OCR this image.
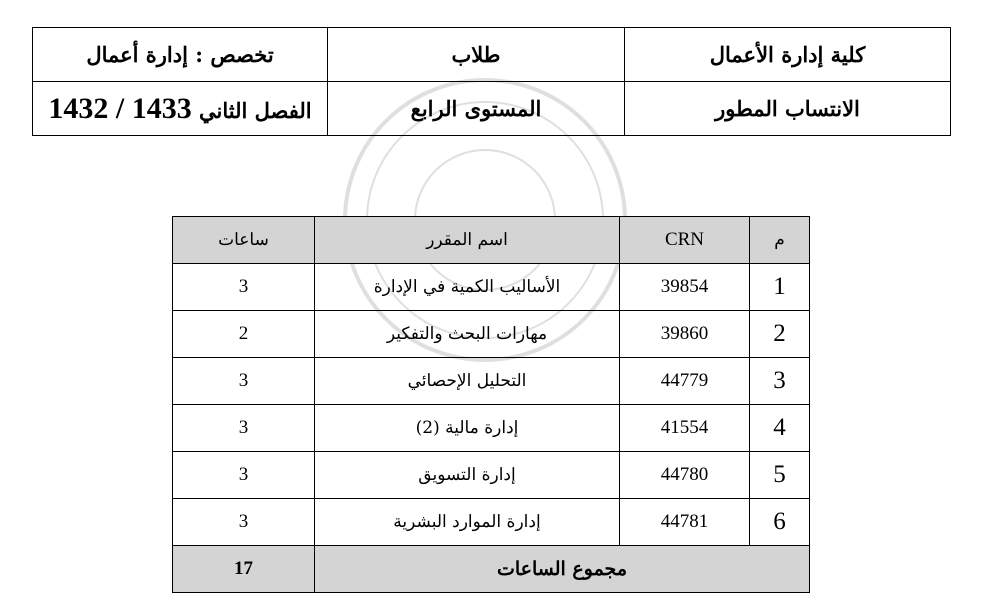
كلية إدارة الأعمال	طلاب	تخصص : إدارة أعمال
الانتساب المطور	المستوى الرابع	الفصل الثاني 1433 / 1432
م	CRN	اسم المقرر	ساعات
1	39854	الأساليب الكمية في الإدارة	3
2	39860	مهارات البحث والتفكير	2
3	44779	التحليل الإحصائي	3
4	41554	إدارة مالية (2)	3
5	44780	إدارة التسويق	3
6	44781	إدارة الموارد البشرية	3
مجموع الساعات			17
